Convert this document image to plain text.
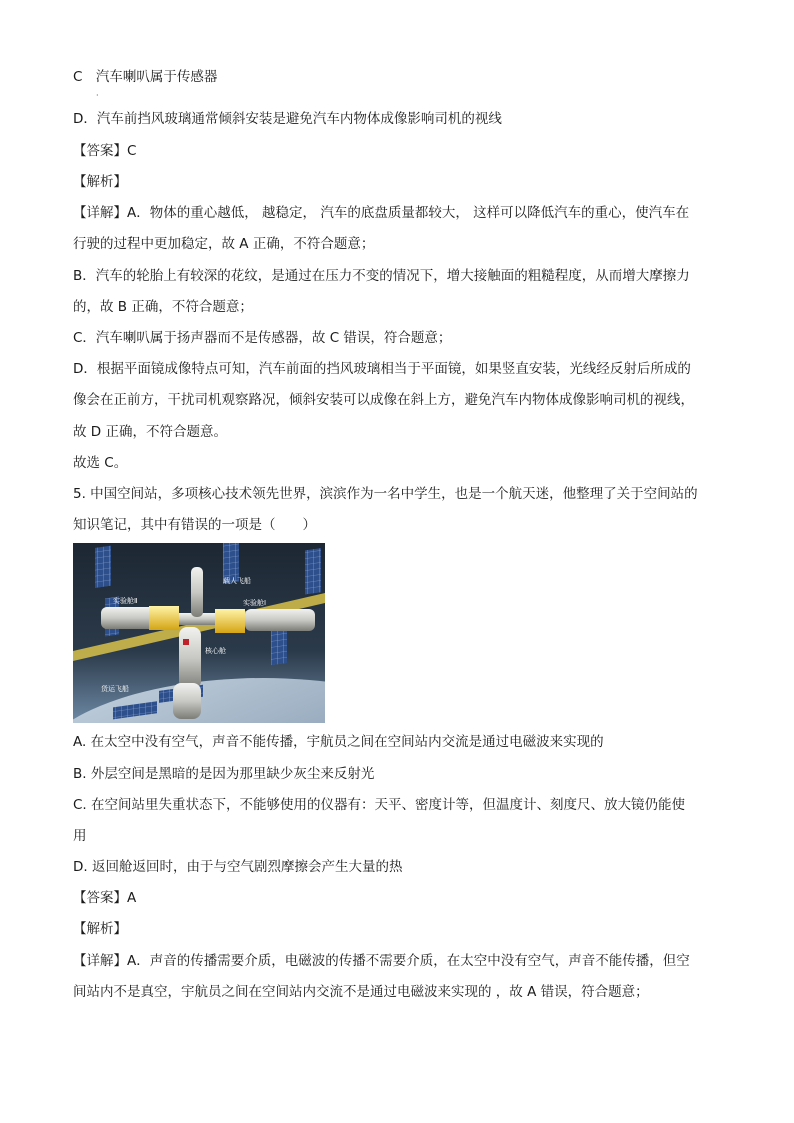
C　汽车喇叭属于传感器
·
D．汽车前挡风玻璃通常倾斜安装是避免汽车内物体成像影响司机的视线
【答案】C
【解析】
【详解】A．物体的重心越低， 越稳定， 汽车的底盘质量都较大， 这样可以降低汽车的重心，使汽车在
行驶的过程中更加稳定，故 A 正确，不符合题意；
B．汽车的轮胎上有较深的花纹，是通过在压力不变的情况下，增大接触面的粗糙程度，从而增大摩擦力
的，故 B 正确，不符合题意；
C．汽车喇叭属于扬声器而不是传感器，故 C 错误，符合题意；
D．根据平面镜成像特点可知，汽车前面的挡风玻璃相当于平面镜，如果竖直安装，光线经反射后所成的
像会在正前方，干扰司机观察路况，倾斜安装可以成像在斜上方，避免汽车内物体成像影响司机的视线，
故 D 正确，不符合题意。
故选 C。
5. 中国空间站，多项核心技术领先世界，滨滨作为一名中学生，也是一个航天迷，他整理了关于空间站的
知识笔记，其中有错误的一项是（　　）
实验舱Ⅱ
载人飞船
实验舱Ⅰ
核心舱
货运飞船
A. 在太空中没有空气，声音不能传播，宇航员之间在空间站内交流是通过电磁波来实现的
B. 外层空间是黑暗的是因为那里缺少灰尘来反射光
C. 在空间站里失重状态下，不能够使用的仪器有：天平、密度计等，但温度计、刻度尺、放大镜仍能使
用
D. 返回舱返回时，由于与空气剧烈摩擦会产生大量的热
【答案】A
【解析】
【详解】A．声音的传播需要介质，电磁波的传播不需要介质，在太空中没有空气，声音不能传播，但空
间站内不是真空，宇航员之间在空间站内交流不是通过电磁波来实现的 ，故 A 错误，符合题意；
